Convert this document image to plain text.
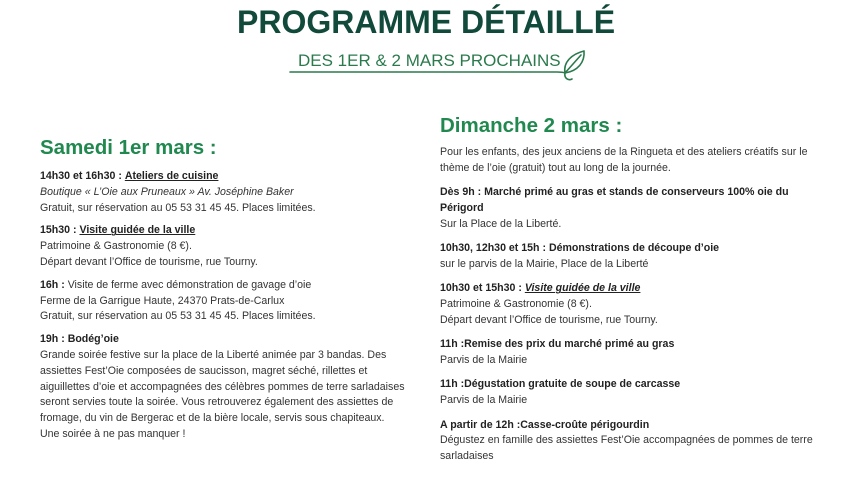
PROGRAMME DÉTAILLÉ
DES 1ER & 2 MARS PROCHAINS
Samedi 1er mars :
14h30 et 16h30 : Ateliers de cuisine
Boutique « L’Oie aux Pruneaux » Av. Joséphine Baker
Gratuit, sur réservation au 05 53 31 45 45. Places limitées.
15h30 : Visite guidée de la ville
Patrimoine & Gastronomie (8 €).
Départ devant l’Office de tourisme, rue Tourny.
16h : Visite de ferme avec démonstration de gavage d’oie
Ferme de la Garrigue Haute, 24370 Prats-de-Carlux
Gratuit, sur réservation au 05 53 31 45 45. Places limitées.
19h : Bodég’oie
Grande soirée festive sur la place de la Liberté animée par 3 bandas. Des
assiettes Fest’Oie composées de saucisson, magret séché, rillettes et
aiguillettes d’oie et accompagnées des célèbres pommes de terre sarladaises
seront servies toute la soirée. Vous retrouverez également des assiettes de
fromage, du vin de Bergerac et de la bière locale, servis sous chapiteaux.
Une soirée à ne pas manquer !
Dimanche 2 mars :
Pour les enfants, des jeux anciens de la Ringueta et des ateliers créatifs sur le
thème de l’oie (gratuit) tout au long de la journée.
Dès 9h : Marché primé au gras et stands de conserveurs 100% oie du
Périgord
Sur la Place de la Liberté.
10h30, 12h30 et 15h : Démonstrations de découpe d’oie
sur le parvis de la Mairie, Place de la Liberté
10h30 et 15h30 : Visite guidée de la ville
Patrimoine & Gastronomie (8 €).
Départ devant l’Office de tourisme, rue Tourny.
11h :Remise des prix du marché primé au gras
Parvis de la Mairie
11h :Dégustation gratuite de soupe de carcasse
Parvis de la Mairie
A partir de 12h :Casse-croûte périgourdin
Dégustez en famille des assiettes Fest’Oie accompagnées de pommes de terre
sarladaises
